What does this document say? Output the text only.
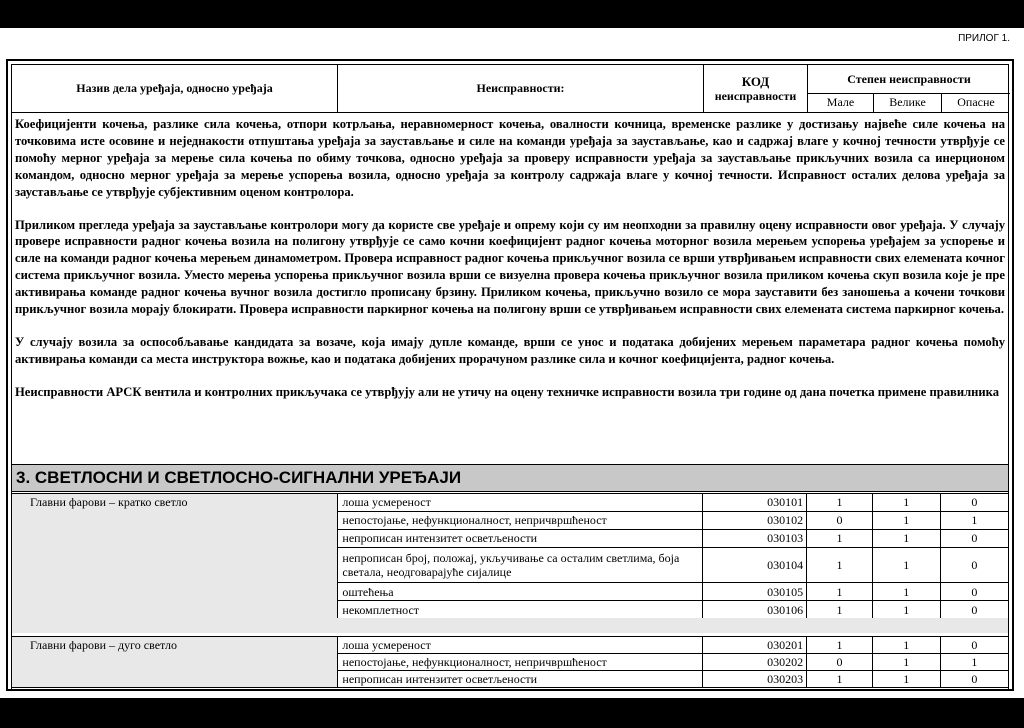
ПРИЛОГ 1.
Назив дела уређаја, односно уређаја	Неисправности:	КОД
неисправности
Степен неисправности
Мале	Велике	Опасне

Коефицијенти кочења, разлике сила кочења, отпори котрљања, неравномерност кочења, овалности кочница, временске разлике у достизању највеће силе кочења на точковима исте осовине и неједнакости отпуштања уређаја за заустављање и силе на команди уређаја за заустављање, као и садржај влаге у кочној течности утврђује се помоћу мерног уређаја за мерење сила кочења по обиму точкова, односно уређаја за проверу исправности уређаја за заустављање прикључних возила са инерционом командом, односно мерног уређаја за мерење успорења возила, односно уређаја за контролу садржаја влаге у кочној течности. Исправност осталих делова уређаја за заустављање се утврђује субјективним оценом контролора.

Приликом прегледа уређаја за заустављање контролори могу да користе све уређаје и опрему који су им неопходни за правилну оцену исправности овог уређаја. У случају провере исправности радног кочења возила на полигону утврђује се само кочни коефицијент радног кочења моторног возила мерењем успорења уређајем за успорење и силе на команди радног кочења мерењем динамометром. Провера исправност радног кочења прикључног возила се врши утврђивањем исправности свих елемената кочног система прикључног возила. Уместо мерења успорења прикључног возила врши се визуелна провера кочења прикључног возила приликом кочења скуп возила које је пре активирања команде радног кочења вучног возила достигло прописану брзину. Приликом кочења, прикључно возило се мора зауставити без заношења а кочени точкови прикључног возила морају блокирати. Провера исправности паркирног кочења на полигону врши се утврђивањем исправности свих елемената система паркирног кочења.

У случају возила за оспособљавање кандидата за возаче, која имају дупле команде, врши се унос и података добијених мерењем параметара радног кочења помоћу активирања команди са места инструктора вожње, као и података добијених прорачуном разлике сила и кочног коефицијента, радног кочења.

Неисправности АРСК вентила и контролних прикључака се утврђују али не утичу на оцену техничке исправности возила три године од дана почетка примене правилника

3. СВЕТЛОСНИ И СВЕТЛОСНО-СИГНАЛНИ УРЕЂАЈИ
Главни фарови – кратко светло	лоша усмереност	030101	1	1	0
	непостојање, нефункционалност, непричвршћеност	030102	0	1	1
	непрописан интензитет осветљености	030103	1	1	0
	непрописан број, положај, укључивање са осталим светлима, боја светала, неодговарајуће сијалице	030104	1	1	0
	оштећења	030105	1	1	0
	некомплетност	030106	1	1	0
Главни фарови – дуго светло	лоша усмереност	030201	1	1	0
	непостојање, нефункционалност, непричвршћеност	030202	0	1	1
	непрописан интензитет осветљености	030203	1	1	0
